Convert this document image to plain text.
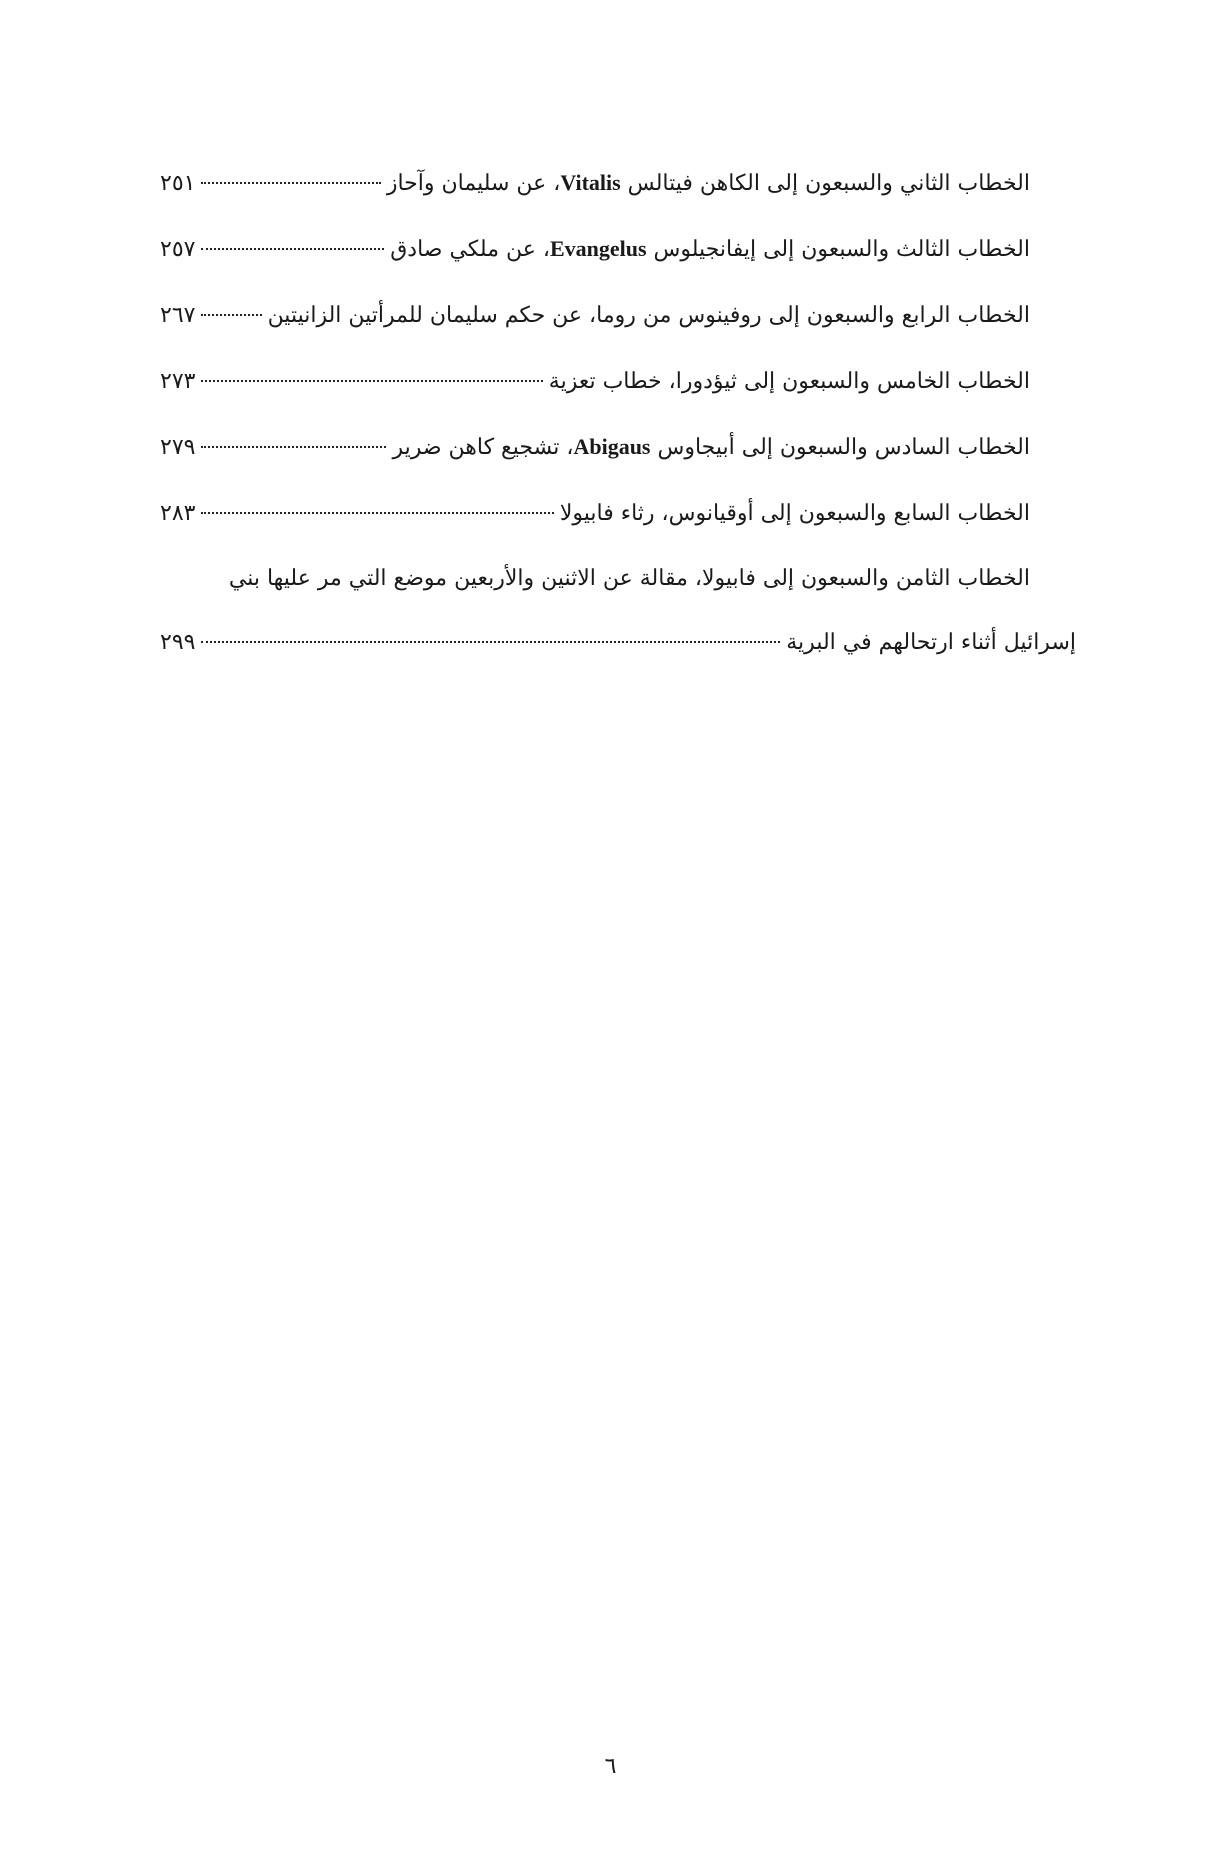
الخطاب الثاني والسبعون إلى الكاهن فيتالس Vitalis، عن سليمان وآحاز
٢٥١
الخطاب الثالث والسبعون إلى إيفانجيلوس Evangelus، عن ملكي صادق
٢٥٧
الخطاب الرابع والسبعون إلى روفينوس من روما، عن حكم سليمان للمرأتين الزانيتين
٢٦٧
الخطاب الخامس والسبعون إلى ثيؤدورا، خطاب تعزية
٢٧٣
الخطاب السادس والسبعون إلى أبيجاوس Abigaus، تشجيع كاهن ضرير
٢٧٩
الخطاب السابع والسبعون إلى أوقيانوس، رثاء فابيولا
٢٨٣
الخطاب الثامن والسبعون إلى فابيولا، مقالة عن الاثنين والأربعين موضع التي مر عليها بني
إسرائيل أثناء ارتحالهم في البرية
٢٩٩
٦
